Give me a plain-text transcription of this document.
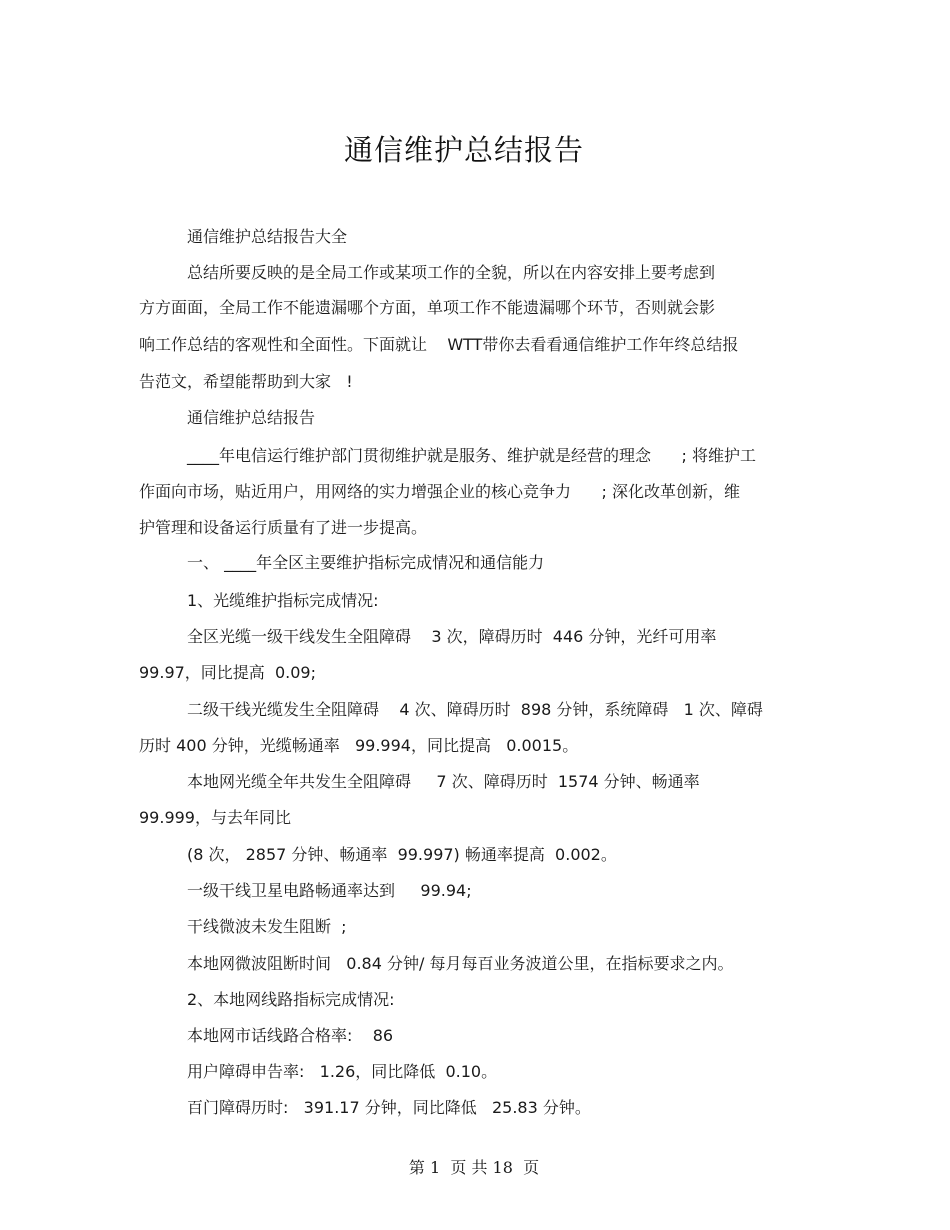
通信维护总结报告
通信维护总结报告大全
总结所要反映的是全局工作或某项工作的全貌，所以在内容安排上要考虑到
方方面面，全局工作不能遗漏哪个方面，单项工作不能遗漏哪个环节，否则就会影
响工作总结的客观性和全面性。下面就让    WTT带你去看看通信维护工作年终总结报
告范文，希望能帮助到大家   !
通信维护总结报告
____年电信运行维护部门贯彻维护就是服务、维护就是经营的理念      ; 将维护工
作面向市场，贴近用户，用网络的实力增强企业的核心竞争力      ; 深化改革创新，维
护管理和设备运行质量有了进一步提高。
一、 ____年全区主要维护指标完成情况和通信能力
1、光缆维护指标完成情况:
全区光缆一级干线发生全阻障碍    3 次，障碍历时  446 分钟，光纤可用率
99.97，同比提高  0.09;
二级干线光缆发生全阻障碍    4 次、障碍历时  898 分钟，系统障碍   1 次、障碍
历时 400 分钟，光缆畅通率   99.994，同比提高   0.0015。
本地网光缆全年共发生全阻障碍     7 次、障碍历时  1574 分钟、畅通率
99.999，与去年同比
(8 次， 2857 分钟、畅通率  99.997) 畅通率提高  0.002。
一级干线卫星电路畅通率达到     99.94;
干线微波未发生阻断  ;
本地网微波阻断时间   0.84 分钟/ 每月每百业务波道公里，在指标要求之内。
2、本地网线路指标完成情况:
本地网市话线路合格率:    86
用户障碍申告率:   1.26，同比降低  0.10。
百门障碍历时:   391.17 分钟，同比降低   25.83 分钟。
第 1  页 共 18  页
